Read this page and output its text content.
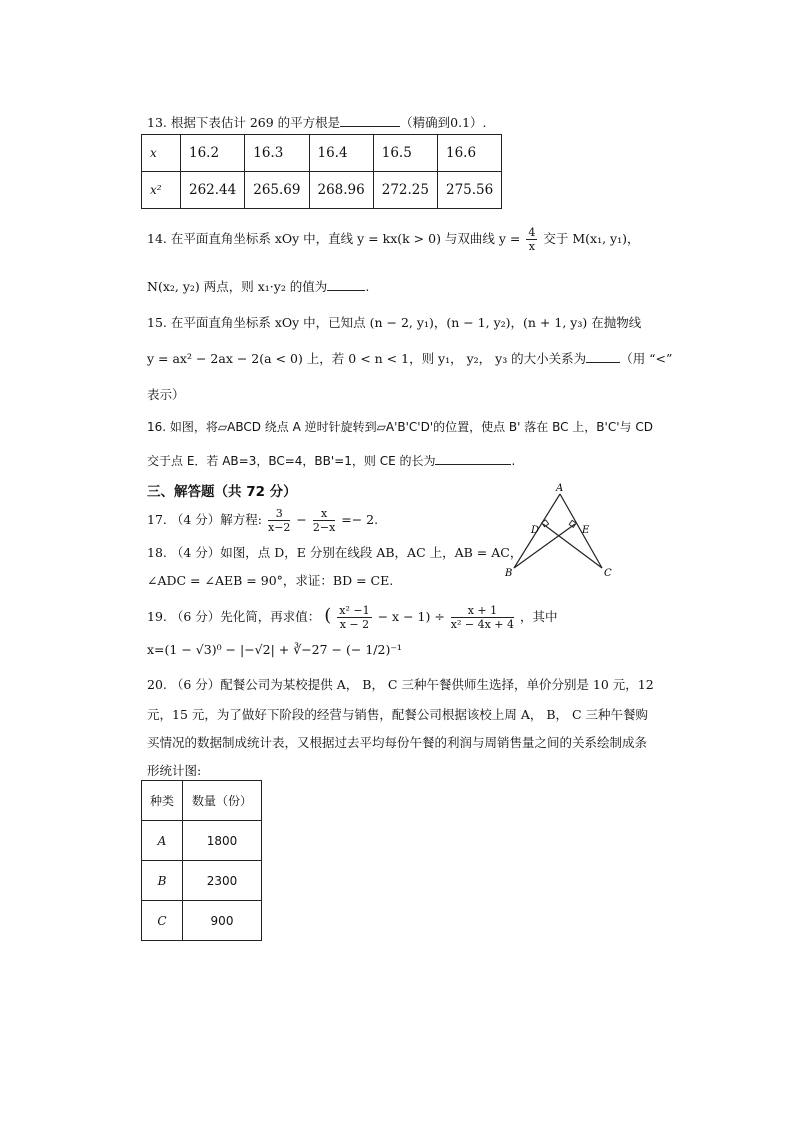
13. 根据下表估计 269 的平方根是	（精确到0.1）.
x	16.2	16.3	16.4	16.5	16.6
x²	262.44	265.69	268.96	272.25	275.56
14. 在平面直角坐标系 xOy 中，直线 y = kx(k > 0) 与双曲线 $y = \frac{4}{x}$ 交于 M(x₁, y₁)，
N(x₂, y₂) 两点，则 x₁·y₂ 的值为	.
15. 在平面直角坐标系 xOy 中，已知点 (n − 2, y₁)，(n − 1, y₂)，(n + 1, y₃) 在抛物线
y = ax² − 2ax − 2(a < 0) 上，若 0 < n < 1，则 y₁， y₂， y₃ 的大小关系为	（用 “<”
表示）
16. 如图，将▱ABCD 绕点 A 逆时针旋转到▱A'B'C'D'的位置，使点 B' 落在 BC 上，B'C'与 CD
交于点 E．若 AB=3，BC=4，BB'=1，则 CE 的长为	.
三、解答题（共 72 分）
17. （4 分）解方程: $\frac{3}{x-2} - \frac{x}{2-x} =- 2$.
18. （4 分）如图，点 D，E 分别在线段 AB，AC 上，AB = AC，
∠ADC = ∠AEB = 90°，求证：BD = CE.
A
B	C
D	E
19. （6 分）先化简，再求值： ( $\frac{\text{x² −1}}{x - 2} - x - 1) \div \frac{x + 1}{\text{x² − 4x + 4}}$ ，其中
x=(1 − √3)⁰ − |−√2| + ∛−27 − (− 1/2)⁻¹
20. （6 分）配餐公司为某校提供 A， B， C 三种午餐供师生选择，单价分别是 10 元，12
元，15 元，为了做好下阶段的经营与销售，配餐公司根据该校上周 A， B， C 三种午餐购
买情况的数据制成统计表，又根据过去平均每份午餐的利润与周销售量之间的关系绘制成条
形统计图:
种类	数量（份）
A	1800
B	2300
C	900
